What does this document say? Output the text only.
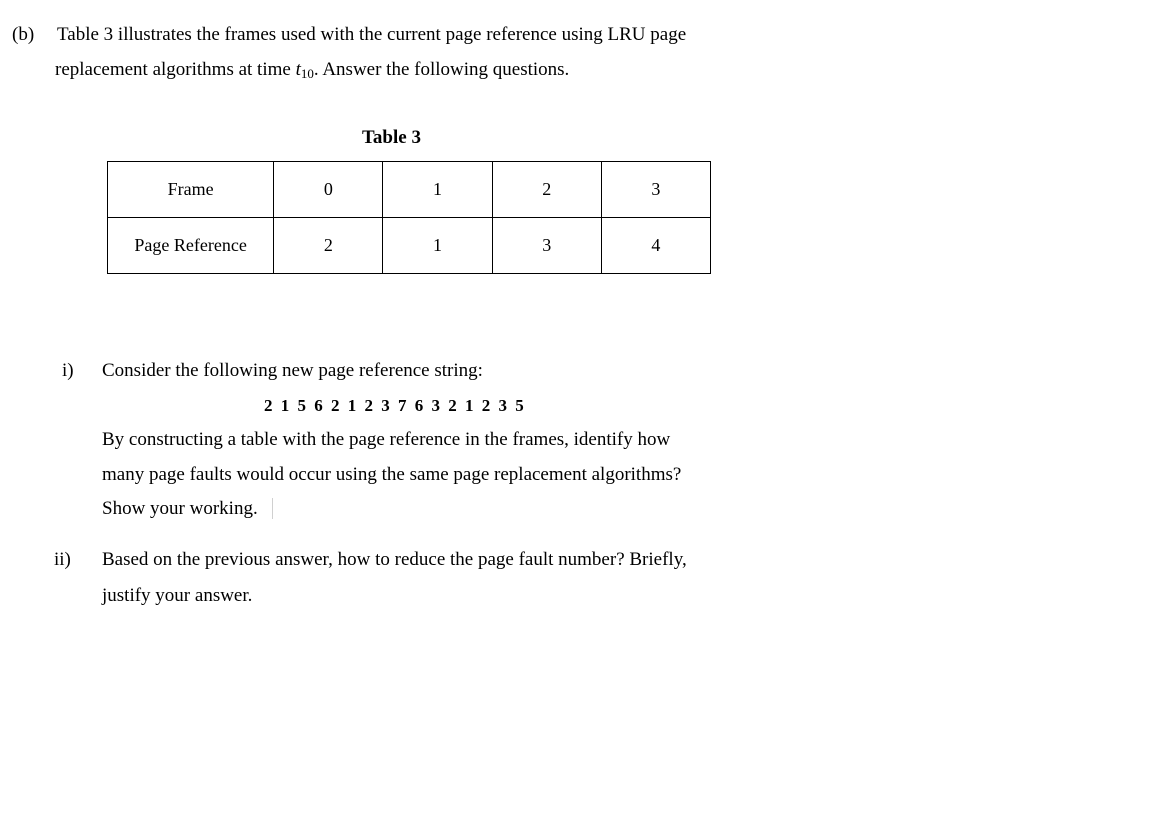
(b) Table 3 illustrates the frames used with the current page reference using LRU page
replacement algorithms at time $t_{10}$. Answer the following questions.
Table 3
Frame	0	1	2	3
Page Reference	2	1	3	4
i) Consider the following new page reference string:
2 1 5 6 2 1 2 3 7 6 3 2 1 2 3 5
By constructing a table with the page reference in the frames, identify how
many page faults would occur using the same page replacement algorithms?
Show your working.
ii) Based on the previous answer, how to reduce the page fault number? Briefly,
justify your answer.
